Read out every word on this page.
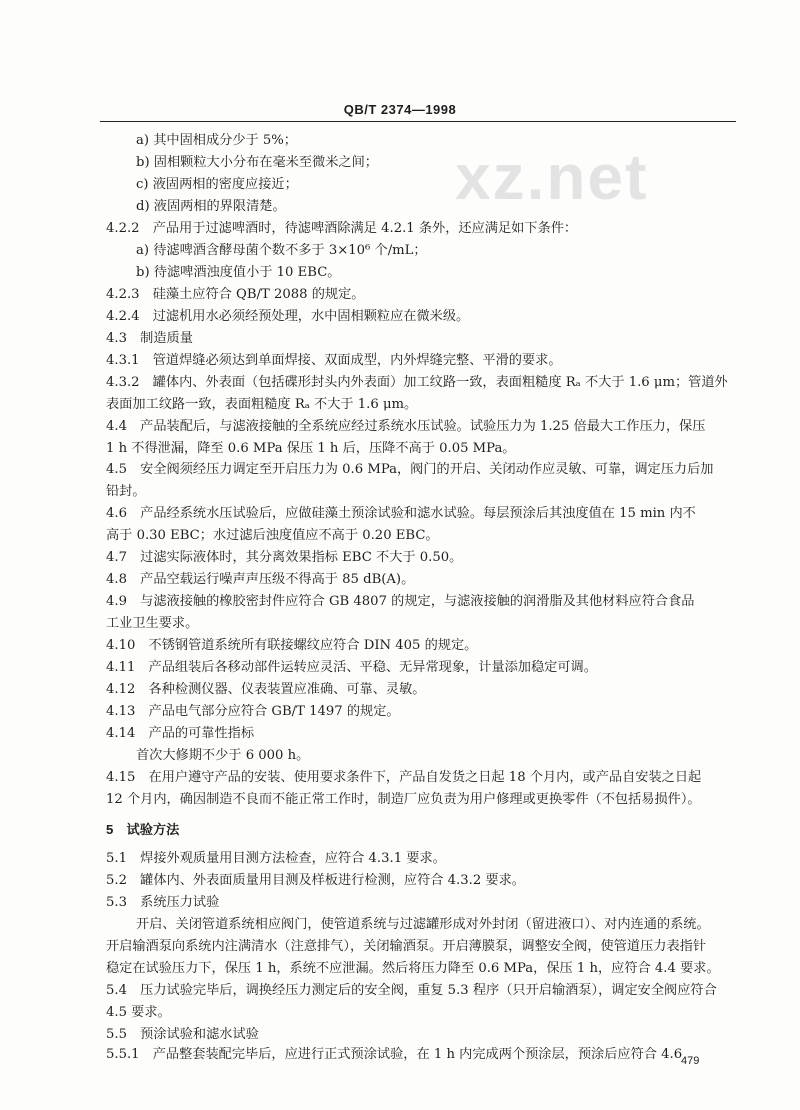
QB/T 2374—1998
xz.net
a) 其中固相成分少于 5%；
b) 固相颗粒大小分布在毫米至微米之间；
c) 液固两相的密度应接近；
d) 液固两相的界限清楚。
4.2.2　产品用于过滤啤酒时，待滤啤酒除满足 4.2.1 条外，还应满足如下条件：
a) 待滤啤酒含酵母菌个数不多于 3×10⁶ 个/mL；
b) 待滤啤酒浊度值小于 10 EBC。
4.2.3　硅藻土应符合 QB/T 2088 的规定。
4.2.4　过滤机用水必须经预处理，水中固相颗粒应在微米级。
4.3　制造质量
4.3.1　管道焊缝必须达到单面焊接、双面成型，内外焊缝完整、平滑的要求。
4.3.2　罐体内、外表面（包括碟形封头内外表面）加工纹路一致，表面粗糙度 Rₐ 不大于 1.6 μm；管道外
表面加工纹路一致，表面粗糙度 Rₐ 不大于 1.6 μm。
4.4　产品装配后，与滤液接触的全系统应经过系统水压试验。试验压力为 1.25 倍最大工作压力，保压
1 h 不得泄漏，降至 0.6 MPa 保压 1 h 后，压降不高于 0.05 MPa。
4.5　安全阀须经压力调定至开启压力为 0.6 MPa，阀门的开启、关闭动作应灵敏、可靠，调定压力后加
铅封。
4.6　产品经系统水压试验后，应做硅藻土预涂试验和滤水试验。每层预涂后其浊度值在 15 min 内不
高于 0.30 EBC；水过滤后浊度值应不高于 0.20 EBC。
4.7　过滤实际液体时，其分离效果指标 EBC 不大于 0.50。
4.8　产品空载运行噪声声压级不得高于 85 dB(A)。
4.9　与滤液接触的橡胶密封件应符合 GB 4807 的规定，与滤液接触的润滑脂及其他材料应符合食品
工业卫生要求。
4.10　不锈钢管道系统所有联接螺纹应符合 DIN 405 的规定。
4.11　产品组装后各移动部件运转应灵活、平稳、无异常现象，计量添加稳定可调。
4.12　各种检测仪器、仪表装置应准确、可靠、灵敏。
4.13　产品电气部分应符合 GB/T 1497 的规定。
4.14　产品的可靠性指标
首次大修期不少于 6 000 h。
4.15　在用户遵守产品的安装、使用要求条件下，产品自发货之日起 18 个月内，或产品自安装之日起
12 个月内，确因制造不良而不能正常工作时，制造厂应负责为用户修理或更换零件（不包括易损件）。
5　试验方法
5.1　焊接外观质量用目测方法检查，应符合 4.3.1 要求。
5.2　罐体内、外表面质量用目测及样板进行检测，应符合 4.3.2 要求。
5.3　系统压力试验
开启、关闭管道系统相应阀门，使管道系统与过滤罐形成对外封闭（留进液口）、对内连通的系统。
开启输酒泵向系统内注满清水（注意排气），关闭输酒泵。开启薄膜泵，调整安全阀，使管道压力表指针
稳定在试验压力下，保压 1 h，系统不应泄漏。然后将压力降至 0.6 MPa，保压 1 h，应符合 4.4 要求。
5.4　压力试验完毕后，调换经压力测定后的安全阀，重复 5.3 程序（只开启输酒泵），调定安全阀应符合
4.5 要求。
5.5　预涂试验和滤水试验
5.5.1　产品整套装配完毕后，应进行正式预涂试验，在 1 h 内完成两个预涂层，预涂后应符合 4.6
479
